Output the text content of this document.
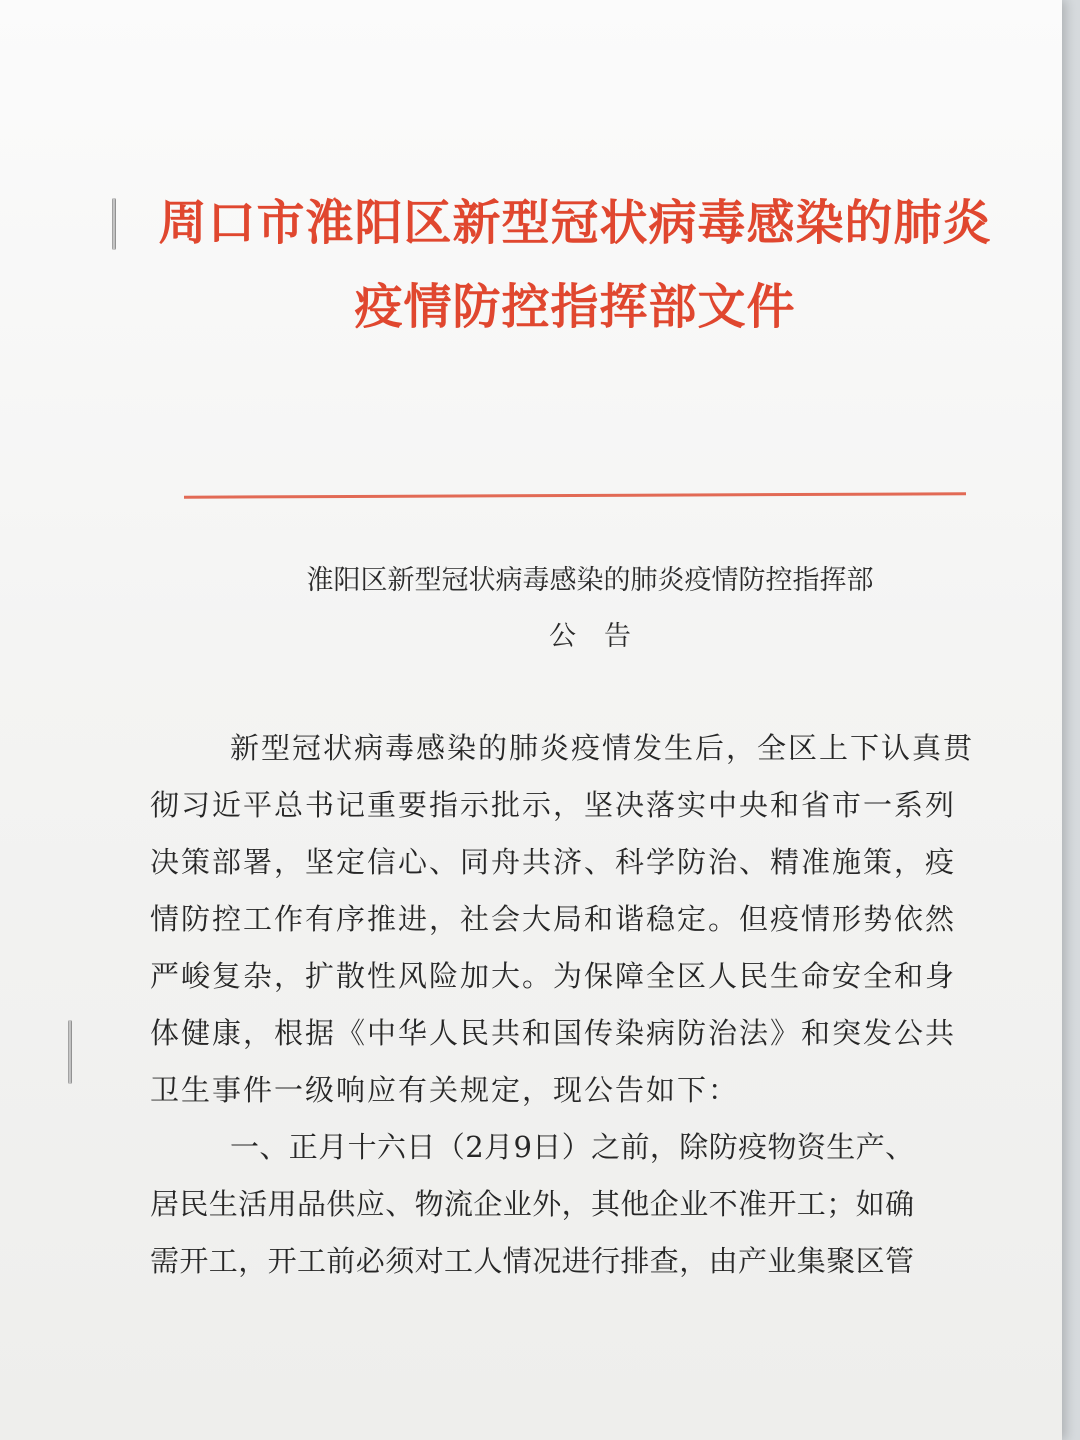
周口市淮阳区新型冠状病毒感染的肺炎
疫情防控指挥部文件
淮阳区新型冠状病毒感染的肺炎疫情防控指挥部
公告
新型冠状病毒感染的肺炎疫情发生后，全区上下认真贯
彻习近平总书记重要指示批示，坚决落实中央和省市一系列
决策部署，坚定信心、同舟共济、科学防治、精准施策，疫
情防控工作有序推进，社会大局和谐稳定。但疫情形势依然
严峻复杂，扩散性风险加大。为保障全区人民生命安全和身
体健康，根据《中华人民共和国传染病防治法》和突发公共
卫生事件一级响应有关规定，现公告如下：
一、正月十六日（2月9日）之前，除防疫物资生产、
居民生活用品供应、物流企业外，其他企业不准开工；如确
需开工，开工前必须对工人情况进行排查，由产业集聚区管
